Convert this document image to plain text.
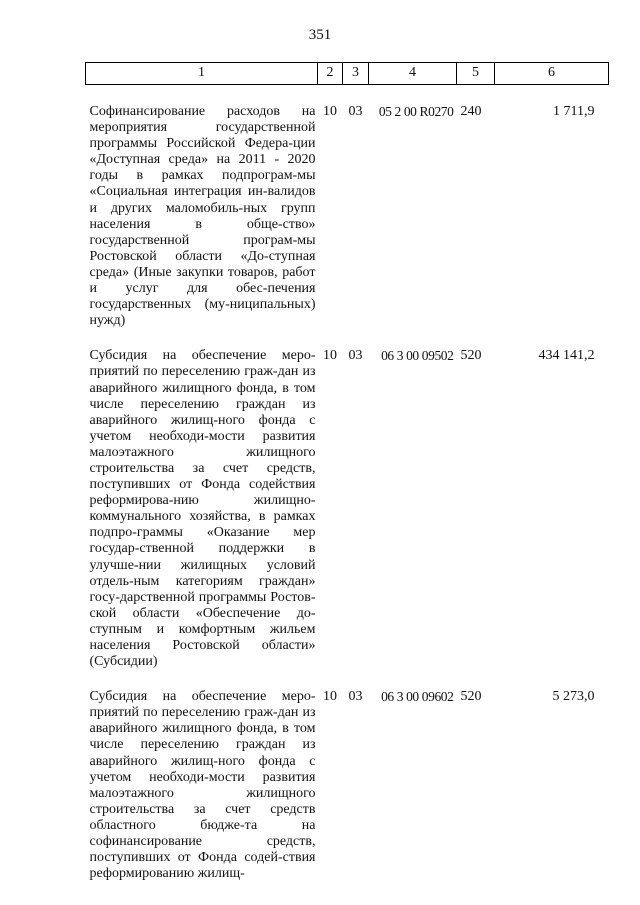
351
1	2	3	4	5	6

Софинансирование расходов на мероприятия государственной программы Российской Федера-ции «Доступная среда» на 2011 - 2020 годы в рамках подпрограм-мы «Социальная интеграция ин-валидов и других маломобиль-ных групп населения в обще-ство» государственной програм-мы Ростовской области «До-ступная среда» (Иные закупки товаров, работ и услуг для обес-печения государственных (му-ниципальных) нужд)	10	03	05 2 00 R0270	240	1 711,9

Субсидия на обеспечение меро-приятий по переселению граж-дан из аварийного жилищного фонда, в том числе переселению граждан из аварийного жилищ-ного фонда с учетом необходи-мости развития малоэтажного жилищного строительства за счет средств, поступивших от Фонда содействия реформирова-нию жилищно-коммунального хозяйства, в рамках подпро-граммы «Оказание мер государ-ственной поддержки в улучше-нии жилищных условий отдель-ным категориям граждан» госу-дарственной программы Ростов-ской области «Обеспечение до-ступным и комфортным жильем населения Ростовской области» (Субсидии)	10	03	06 3 00 09502	520	434 141,2

Субсидия на обеспечение меро-приятий по переселению граж-дан из аварийного жилищного фонда, в том числе переселению граждан из аварийного жилищ-ного фонда с учетом необходи-мости развития малоэтажного жилищного строительства за счет средств областного бюдже-та на софинансирование средств, поступивших от Фонда содей-ствия реформированию жилищ-	10	03	06 3 00 09602	520	5 273,0
